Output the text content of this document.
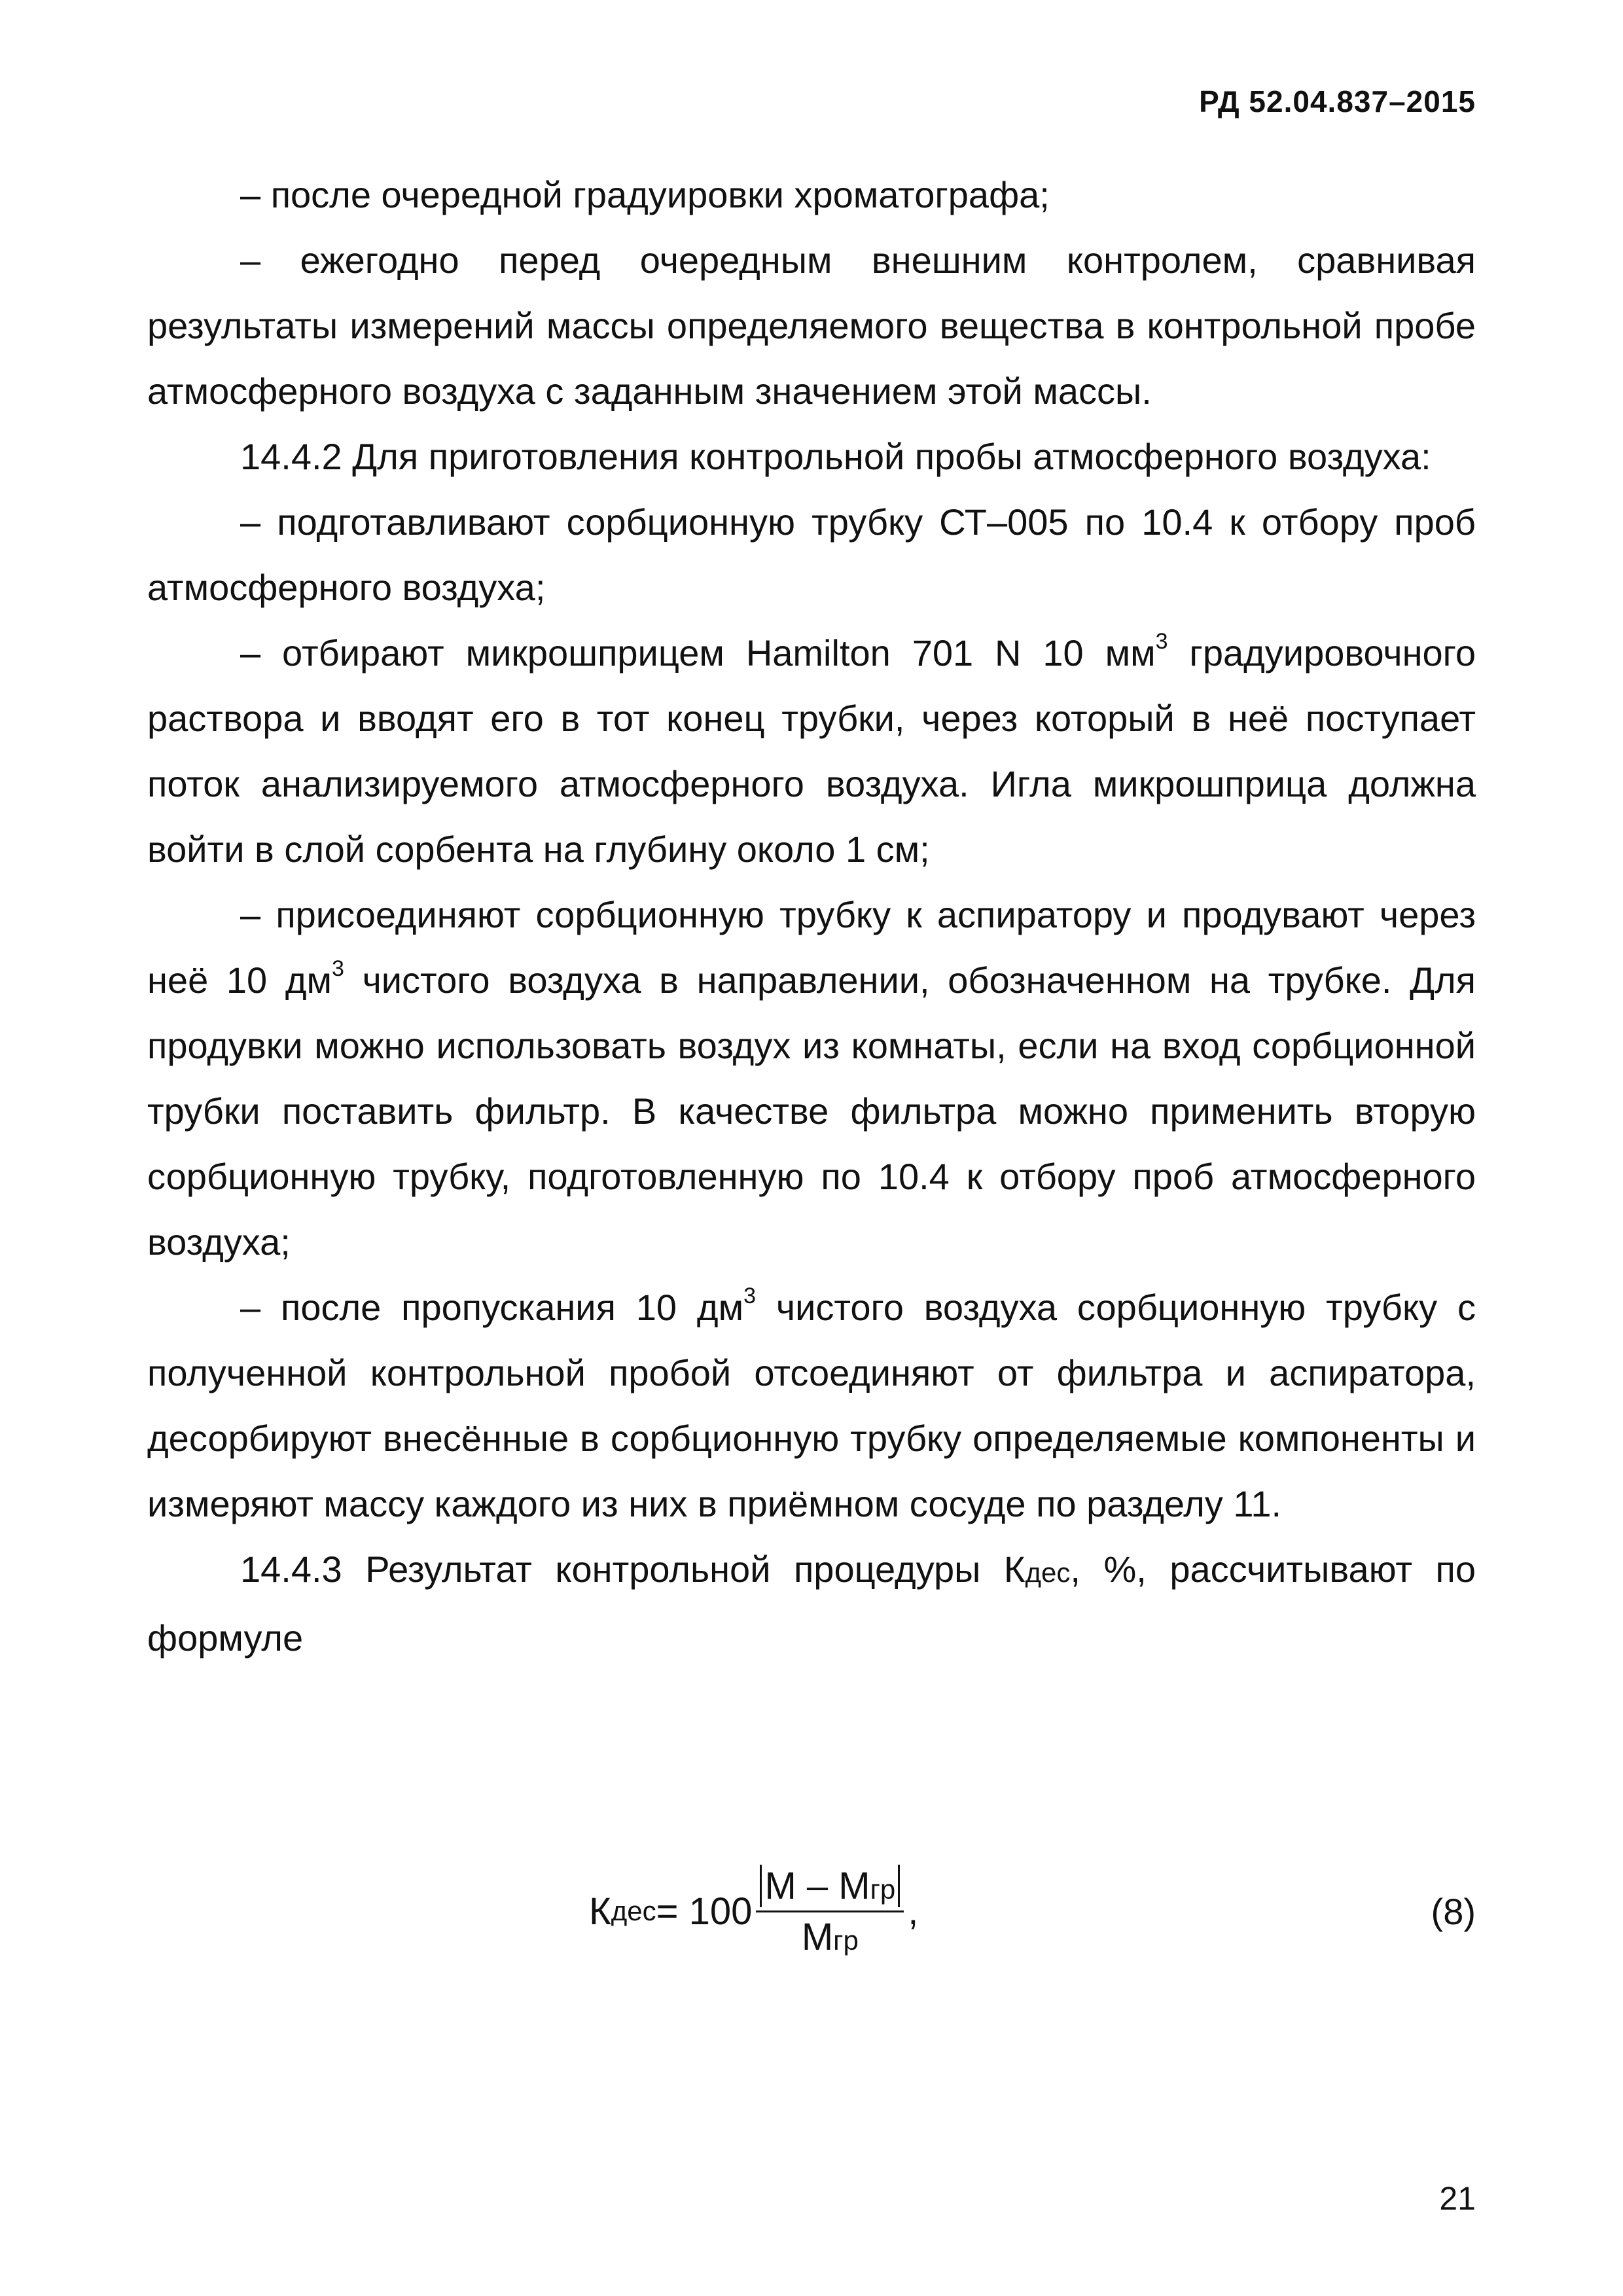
РД 52.04.837–2015

– после очередной градуировки хроматографа;

– ежегодно перед очередным внешним контролем, сравнивая результаты измерений массы определяемого вещества в контрольной пробе атмосферного воздуха с заданным значением этой массы.

14.4.2 Для приготовления контрольной пробы атмосферного воздуха:

– подготавливают сорбционную трубку СТ–005 по 10.4 к отбору проб атмосферного воздуха;

– отбирают микрошприцем Hamilton 701 N 10 $мм^3$ градуировочного раствора и вводят его в тот конец трубки, через который в неё поступает поток анализируемого атмосферного воздуха. Игла микрошприца должна войти в слой сорбента на глубину около 1 см;

– присоединяют сорбционную трубку к аспиратору и продувают через неё 10 $дм^3$ чистого воздуха в направлении, обозначенном на трубке. Для продувки можно использовать воздух из комнаты, если на вход сорбционной трубки поставить фильтр. В качестве фильтра можно применить вторую сорбционную трубку, подготовленную по 10.4 к отбору проб атмосферного воздуха;

– после пропускания 10 $дм^3$ чистого воздуха сорбционную трубку с полученной контрольной пробой отсоединяют от фильтра и аспиратора, десорбируют внесённые в сорбционную трубку определяемые компоненты и измеряют массу каждого из них в приёмном сосуде по разделу 11.

14.4.3 Результат контрольной процедуры Кдес, %, рассчитывают по формуле

К дес = $100 \frac{\text{М – Мгр}}{\text{Мгр}}$ ,	(8)
21
